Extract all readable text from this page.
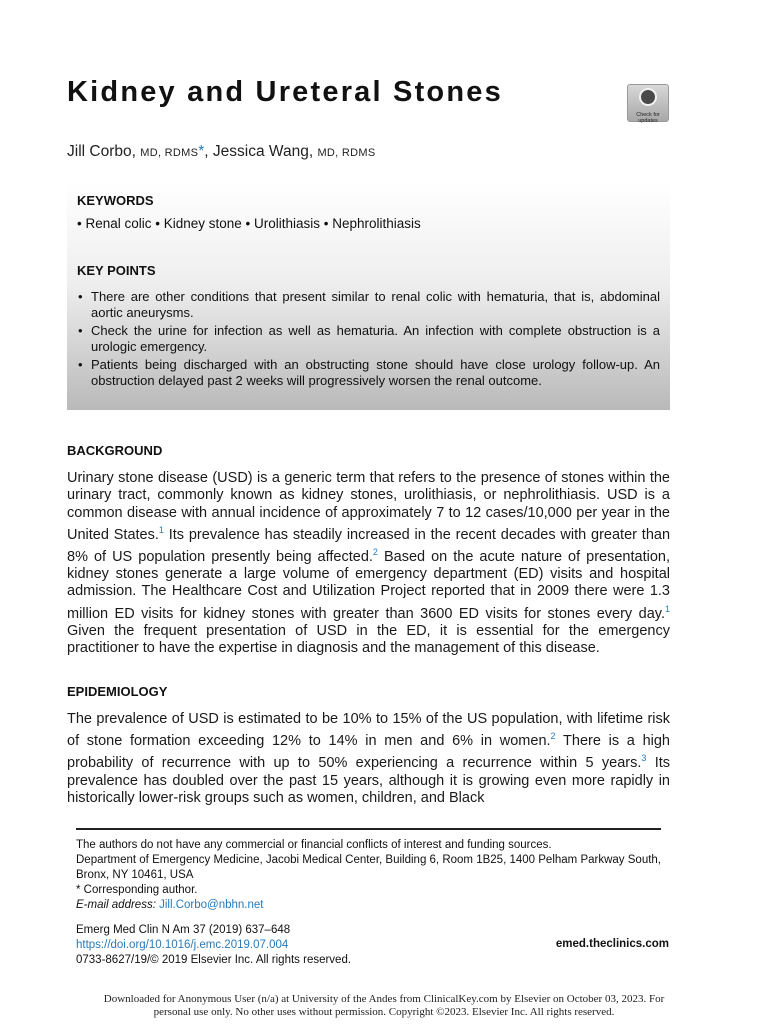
Kidney and Ureteral Stones
Check for
updates
Jill Corbo, MD, RDMS*, Jessica Wang, MD, RDMS
KEYWORDS
• Renal colic • Kidney stone • Urolithiasis • Nephrolithiasis
KEY POINTS
• There are other conditions that present similar to renal colic with hematuria, that is, abdominal aortic aneurysms.
• Check the urine for infection as well as hematuria. An infection with complete obstruction is a urologic emergency.
• Patients being discharged with an obstructing stone should have close urology follow-up. An obstruction delayed past 2 weeks will progressively worsen the renal outcome.
BACKGROUND

Urinary stone disease (USD) is a generic term that refers to the presence of stones within the urinary tract, commonly known as kidney stones, urolithiasis, or nephrolithiasis. USD is a common disease with annual incidence of approximately 7 to 12 cases/10,000 per year in the United States.$^1$ Its prevalence has steadily increased in the recent decades with greater than 8% of US population presently being affected.$^2$ Based on the acute nature of presentation, kidney stones generate a large volume of emergency department (ED) visits and hospital admission. The Healthcare Cost and Utilization Project reported that in 2009 there were 1.3 million ED visits for kidney stones with greater than 3600 ED visits for stones every day.$^1$ Given the frequent presentation of USD in the ED, it is essential for the emergency practitioner to have the expertise in diagnosis and the management of this disease.

EPIDEMIOLOGY

The prevalence of USD is estimated to be 10% to 15% of the US population, with lifetime risk of stone formation exceeding 12% to 14% in men and 6% in women.$^2$ There is a high probability of recurrence with up to 50% experiencing a recurrence within 5 years.$^3$ Its prevalence has doubled over the past 15 years, although it is growing even more rapidly in historically lower-risk groups such as women, children, and Black

The authors do not have any commercial or financial conflicts of interest and funding sources.

Department of Emergency Medicine, Jacobi Medical Center, Building 6, Room 1B25, 1400 Pelham Parkway South, Bronx, NY 10461, USA

* Corresponding author.

E-mail address: Jill.Corbo@nbhn.net

Emerg Med Clin N Am 37 (2019) 637–648
https://doi.org/10.1016/j.emc.2019.07.004
0733-8627/19/© 2019 Elsevier Inc. All rights reserved.
emed.theclinics.com
Downloaded for Anonymous User (n/a) at University of the Andes from ClinicalKey.com by Elsevier on October 03, 2023. For personal use only. No other uses without permission. Copyright ©2023. Elsevier Inc. All rights reserved.
